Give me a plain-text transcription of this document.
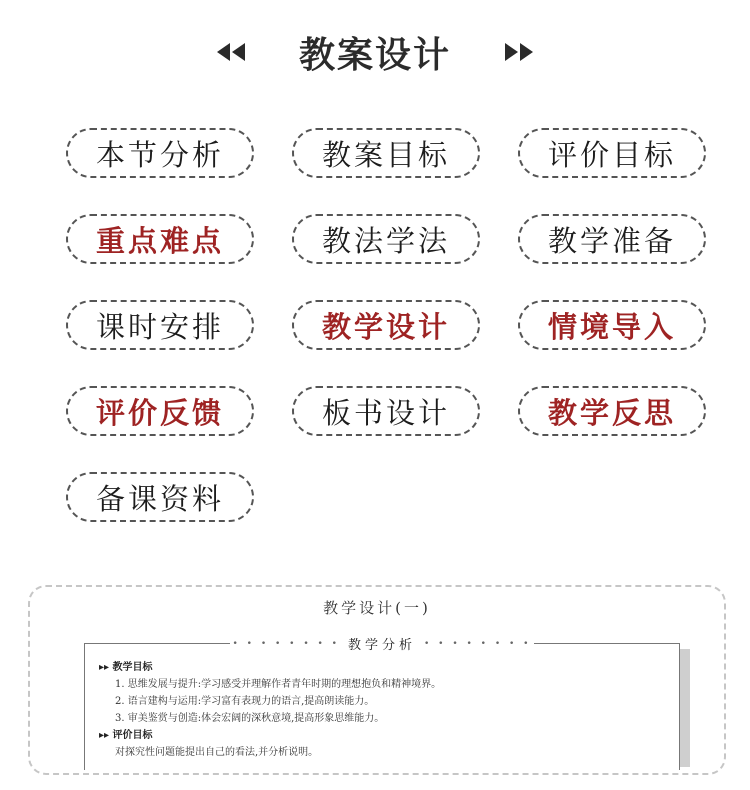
教案设计
本节分析	教案目标	评价目标
重点难点	教法学法	教学准备
课时安排	教学设计	情境导入
评价反馈	板书设计	教学反思
备课资料
教学设计(一)
• • • • • • • • 教学分析 • • • • • • • •
▸▸ 教学目标
1. 思维发展与提升:学习感受并理解作者青年时期的理想抱负和精神境界。
2. 语言建构与运用:学习富有表现力的语言,提高朗读能力。
3. 审美鉴赏与创造:体会宏阔的深秋意境,提高形象思维能力。
▸▸ 评价目标
对探究性问题能提出自己的看法,并分析说明。
